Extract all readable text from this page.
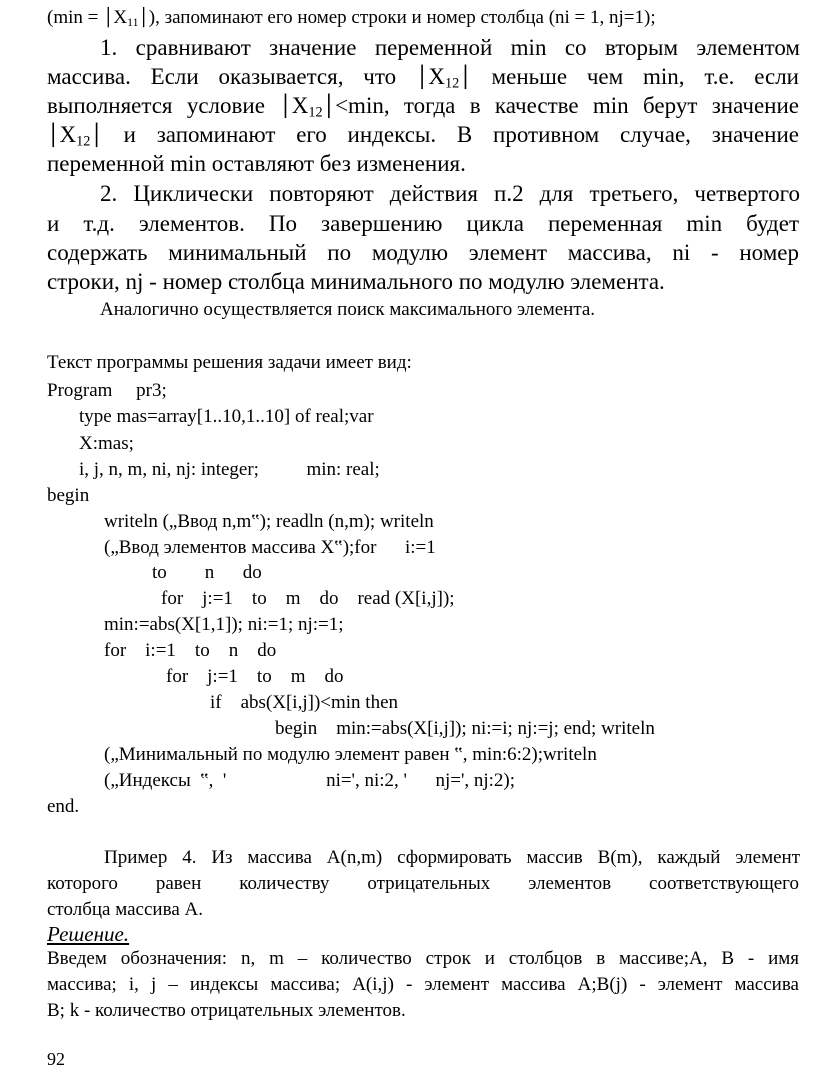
$(\min = │X_{11}│)$, запоминают его номер строки и номер столбца (ni = 1, nj=1);
1. сравнивают значение переменной min со вторым элементом
массива. Если оказывается, что $│X_{12}│$ меньше чем min, т.е. если
выполняется условие $│X_{12}│<\min$, тогда в качестве min берут значение
$│X_{12}│$ и запоминают его индексы. В противном случае, значение
переменной min оставляют без изменения.
2. Циклически повторяют действия п.2 для третьего, четвертого
и т.д. элементов. По завершению цикла переменная min будет
содержать минимальный по модулю элемент массива, ni - номер
строки, nj - номер столбца минимального по модулю элемента.
Аналогично осуществляется поиск максимального элемента.
Текст программы решения задачи имеет вид:
Program     pr3;
type mas=array[1..10,1..10] of real;var
X:mas;
i, j, n, m, ni, nj: integer;          min: real;
begin
writeln („Ввод n,m‟); readln (n,m); writeln
(„Ввод элементов массива X‟);for      i:=1
to        n      do
for    j:=1    to    m    do    read (X[i,j]);
min:=abs(X[1,1]); ni:=1; nj:=1;
for    i:=1    to    n    do
for    j:=1    to    m    do
if    abs(X[i,j])<min then
begin    min:=abs(X[i,j]); ni:=i; nj:=j; end; writeln
(„Минимальный по модулю элемент равен ‟, min:6:2);writeln
(„Индексы  ‟,  '                     ni=', ni:2, '      nj=', nj:2);
end.
Пример 4. Из массива A(n,m) сформировать массив B(m), каждый элемент
которого равен количеству отрицательных элементов соответствующего
столбца массива A.
Решение.
Введем обозначения: n, m – количество строк и столбцов в массиве;A, B - имя
массива; i, j – индексы массива; A(i,j) - элемент массива A;B(j) - элемент массива
B; k - количество отрицательных элементов.
92
